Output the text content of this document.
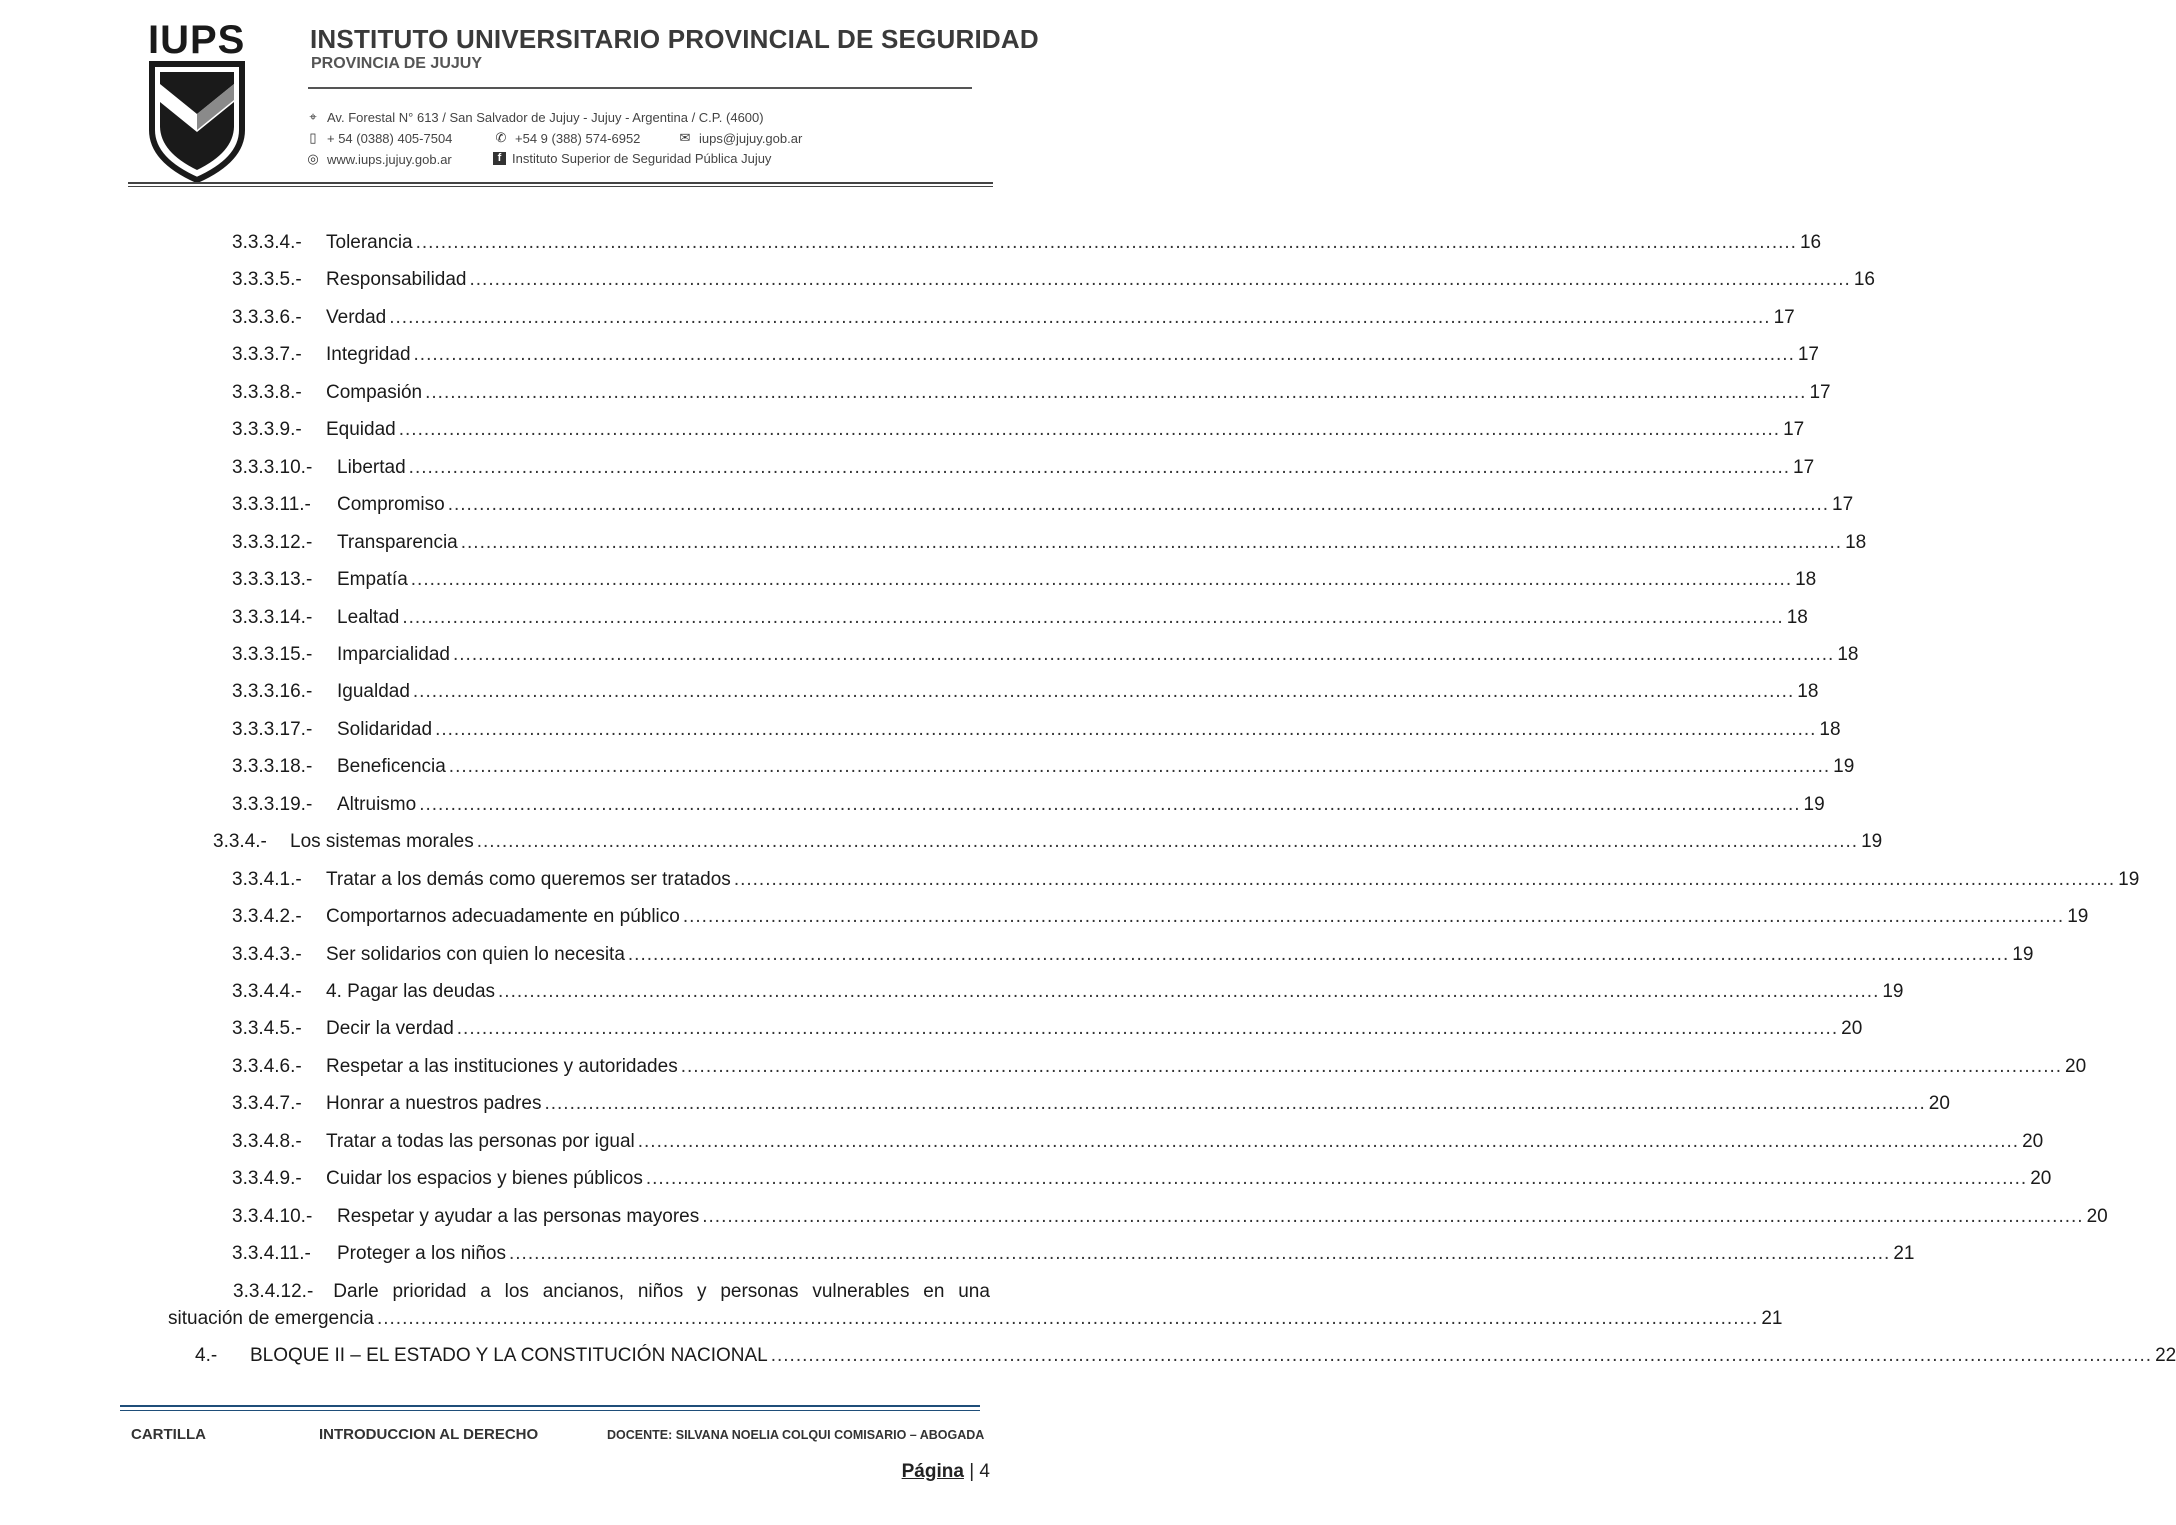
IUPS INSTITUTO UNIVERSITARIO PROVINCIAL DE SEGURIDAD
PROVINCIA DE JUJUY
⌖ Av. Forestal N° 613 / San Salvador de Jujuy - Jujuy - Argentina / C.P. (4600)
▯ + 54 (0388) 405-7504	✆ +54 9 (388) 574-6952	✉ iups@jujuy.gob.ar
◎ www.iups.jujuy.gob.ar	f Instituto Superior de Seguridad Pública Jujuy
3.3.3.4.-	Tolerancia ............................................................................................................................................................................................................................ 16
3.3.3.5.-	Responsabilidad ............................................................................................................................................................................................................................ 16
3.3.3.6.-	Verdad ............................................................................................................................................................................................................................ 17
3.3.3.7.-	Integridad ............................................................................................................................................................................................................................ 17
3.3.3.8.-	Compasión ............................................................................................................................................................................................................................ 17
3.3.3.9.-	Equidad ............................................................................................................................................................................................................................ 17
3.3.3.10.-	Libertad ............................................................................................................................................................................................................................ 17
3.3.3.11.-	Compromiso ............................................................................................................................................................................................................................ 17
3.3.3.12.-	Transparencia ............................................................................................................................................................................................................................ 18
3.3.3.13.-	Empatía ............................................................................................................................................................................................................................ 18
3.3.3.14.-	Lealtad ............................................................................................................................................................................................................................ 18
3.3.3.15.-	Imparcialidad ............................................................................................................................................................................................................................ 18
3.3.3.16.-	Igualdad ............................................................................................................................................................................................................................ 18
3.3.3.17.-	Solidaridad ............................................................................................................................................................................................................................ 18
3.3.3.18.-	Beneficencia ............................................................................................................................................................................................................................ 19
3.3.3.19.-	Altruismo ............................................................................................................................................................................................................................ 19
3.3.4.-	Los sistemas morales ............................................................................................................................................................................................................................ 19
3.3.4.1.-	Tratar a los demás como queremos ser tratados ............................................................................................................................................................................................................................ 19
3.3.4.2.-	Comportarnos adecuadamente en público ............................................................................................................................................................................................................................ 19
3.3.4.3.-	Ser solidarios con quien lo necesita ............................................................................................................................................................................................................................ 19
3.3.4.4.-	4. Pagar las deudas ............................................................................................................................................................................................................................ 19
3.3.4.5.-	Decir la verdad ............................................................................................................................................................................................................................ 20
3.3.4.6.-	Respetar a las instituciones y autoridades ............................................................................................................................................................................................................................ 20
3.3.4.7.-	Honrar a nuestros padres ............................................................................................................................................................................................................................ 20
3.3.4.8.-	Tratar a todas las personas por igual ............................................................................................................................................................................................................................ 20
3.3.4.9.-	Cuidar los espacios y bienes públicos ............................................................................................................................................................................................................................ 20
3.3.4.10.-	Respetar y ayudar a las personas mayores ............................................................................................................................................................................................................................ 20
3.3.4.11.-	Proteger a los niños ............................................................................................................................................................................................................................ 21
3.3.4.12.- Darle prioridad a los ancianos, niños y personas vulnerables en una
situación de emergencia ............................................................................................................................................................................................................................ 21
4.-	BLOQUE II – EL ESTADO Y LA CONSTITUCIÓN NACIONAL ............................................................................................................................................................................................................................ 22
CARTILLA	INTRODUCCION AL DERECHO	DOCENTE: SILVANA NOELIA COLQUI COMISARIO – ABOGADA
Página | 4
